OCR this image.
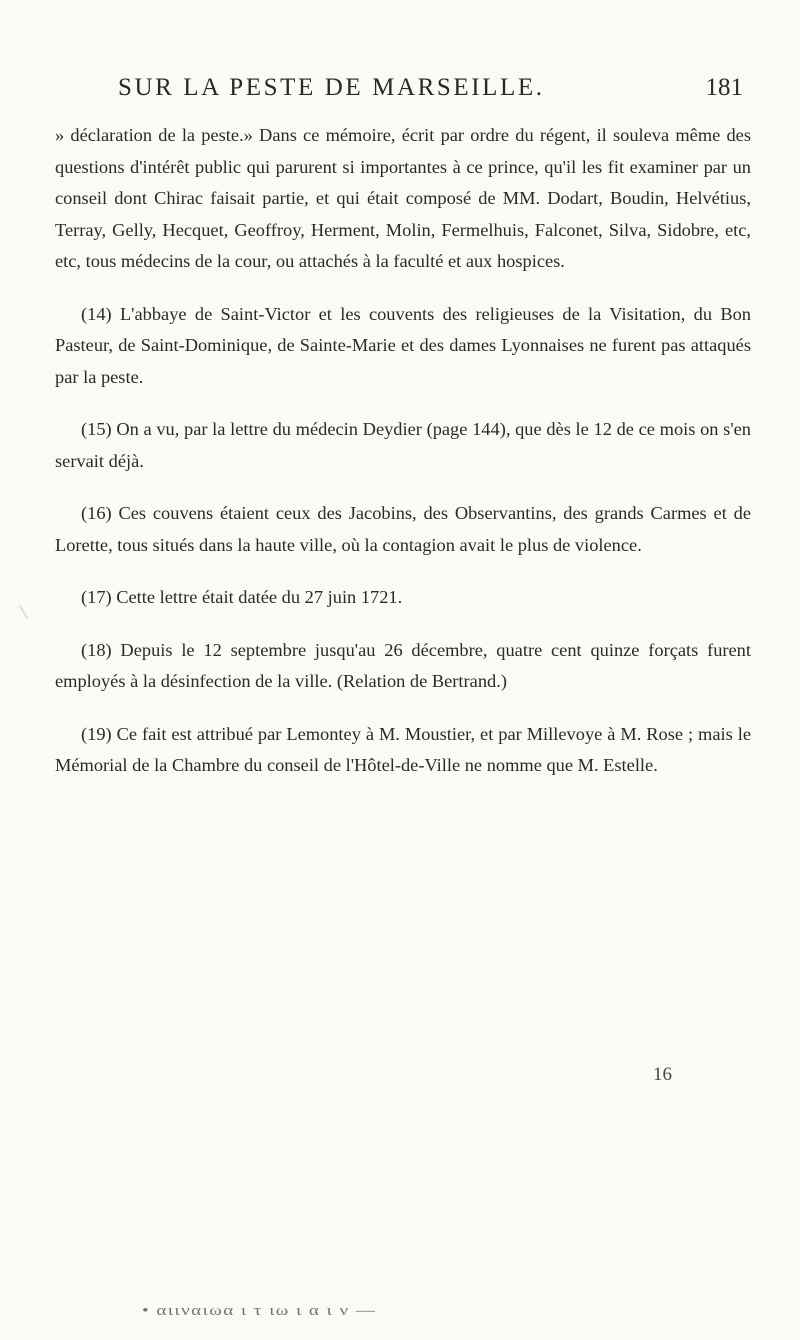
SUR LA PESTE DE MARSEILLE.	181

» déclaration de la peste.» Dans ce mémoire, écrit par ordre du régent, il souleva même des questions d'intérêt public qui parurent si importantes à ce prince, qu'il les fit examiner par un conseil dont Chirac faisait partie, et qui était composé de MM. Dodart, Boudin, Helvétius, Terray, Gelly, Hecquet, Geoffroy, Herment, Molin, Fermelhuis, Falconet, Silva, Sidobre, etc, etc, tous médecins de la cour, ou attachés à la faculté et aux hospices.

(14) L'abbaye de Saint-Victor et les couvents des religieuses de la Visitation, du Bon Pasteur, de Saint-Dominique, de Sainte-Marie et des dames Lyonnaises ne furent pas attaqués par la peste.

(15) On a vu, par la lettre du médecin Deydier (page 144), que dès le 12 de ce mois on s'en servait déjà.

(16) Ces couvens étaient ceux des Jacobins, des Observantins, des grands Carmes et de Lorette, tous situés dans la haute ville, où la contagion avait le plus de violence.

(17) Cette lettre était datée du 27 juin 1721.

(18) Depuis le 12 septembre jusqu'au 26 décembre, quatre cent quinze forçats furent employés à la désinfection de la ville. (Relation de Bertrand.)

(19) Ce fait est attribué par Lemontey à M. Moustier, et par Millevoye à M. Rose ; mais le Mémorial de la Chambre du conseil de l'Hôtel-de-Ville ne nomme que M. Estelle.

16
• αιιναιωα ι τ ιω ι α ι ν —
